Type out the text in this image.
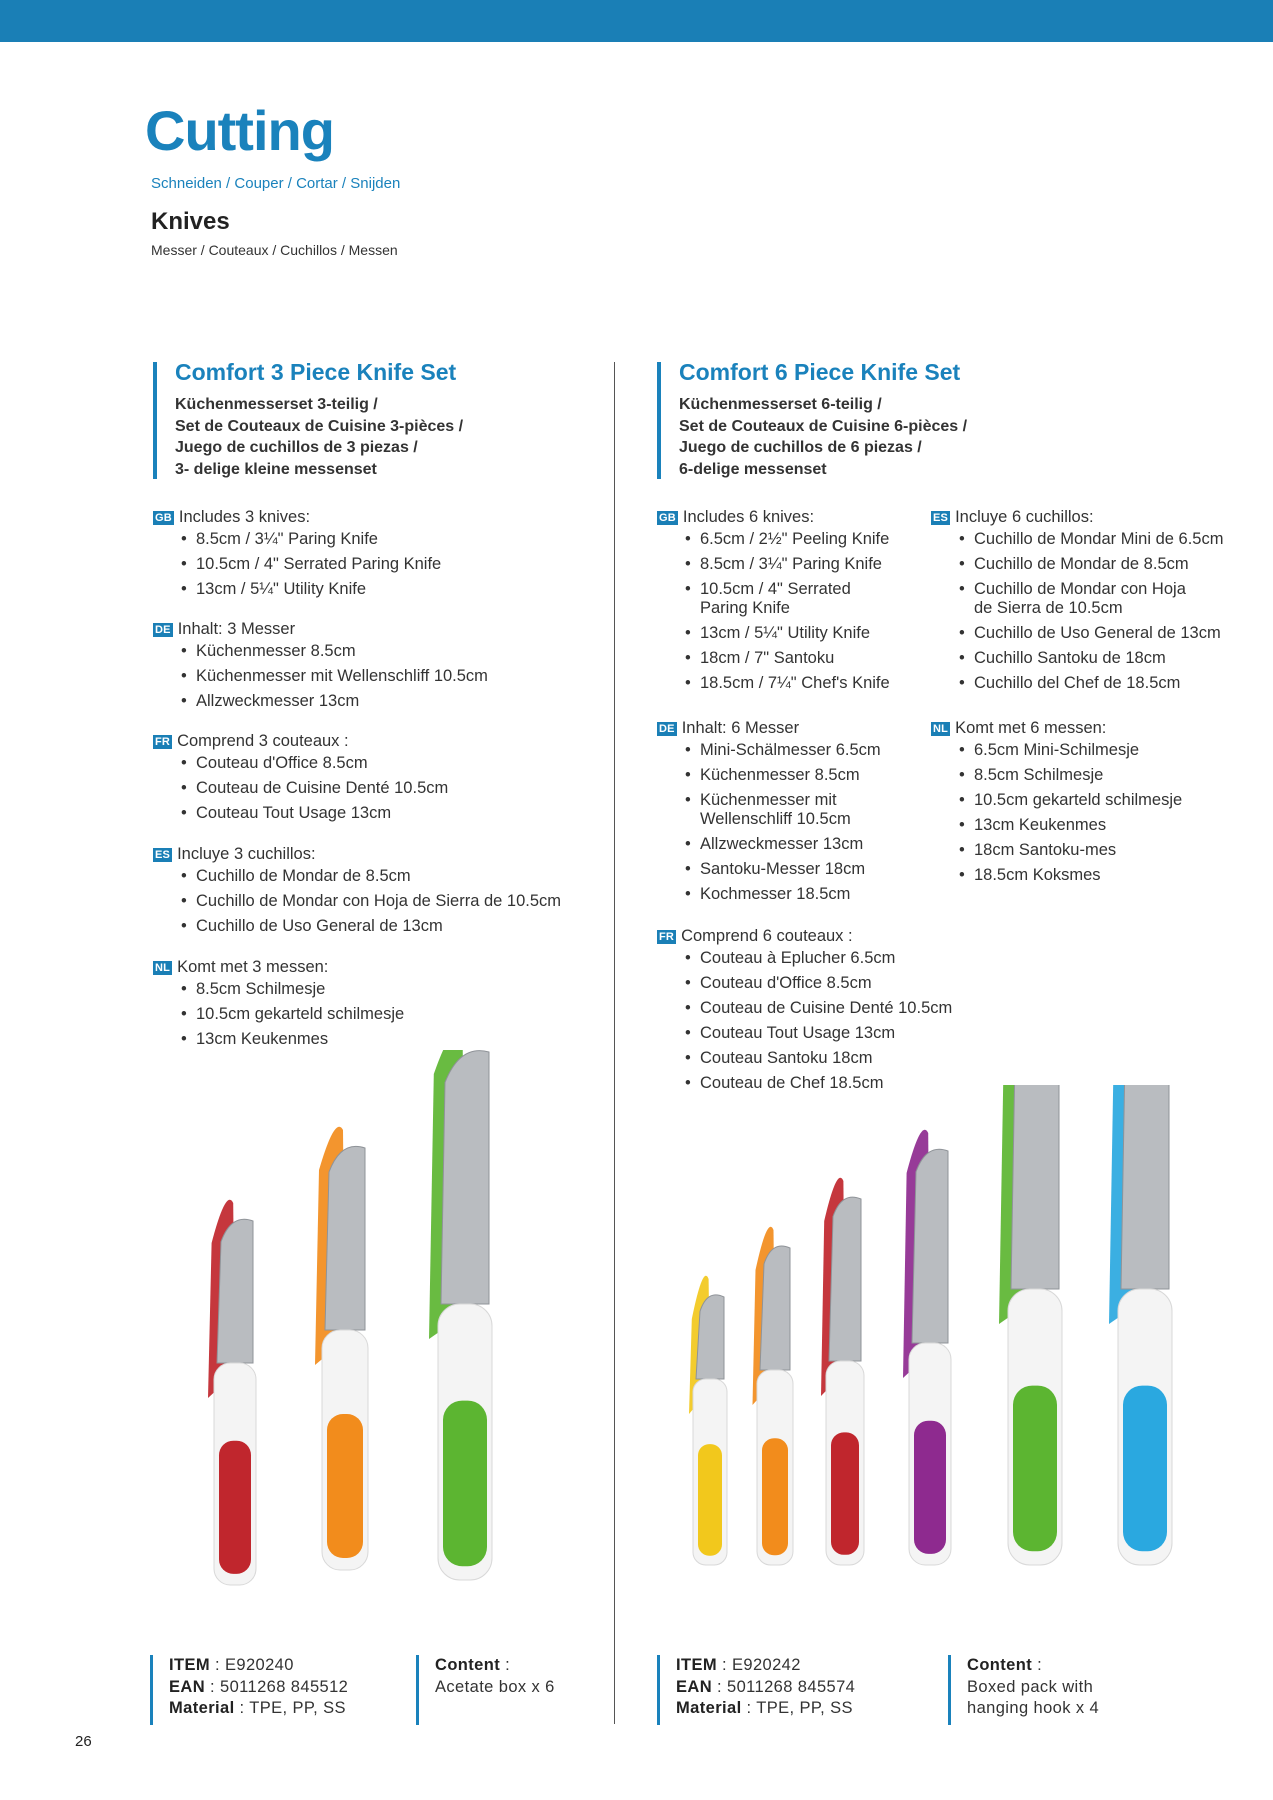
Cutting
Schneiden / Couper / Cortar / Snijden
Knives
Messer / Couteaux / Cuchillos / Messen
Comfort 3 Piece Knife Set
Küchenmesserset 3-teilig /
Set de Couteaux de Cuisine 3-pièces /
Juego de cuchillos de 3 piezas /
3- delige kleine messenset
Comfort 6 Piece Knife Set
Küchenmesserset 6-teilig /
Set de Couteaux de Cuisine 6-pièces /
Juego de cuchillos de 6 piezas /
6-delige messenset
GB Includes 3 knives:
• 8.5cm / 3¼" Paring Knife
• 10.5cm / 4" Serrated Paring Knife
• 13cm / 5¼" Utility Knife
DE Inhalt: 3 Messer
• Küchenmesser 8.5cm
• Küchenmesser mit Wellenschliff 10.5cm
• Allzweckmesser 13cm
FR Comprend 3 couteaux :
• Couteau d'Office 8.5cm
• Couteau de Cuisine Denté 10.5cm
• Couteau Tout Usage 13cm
ES Incluye 3 cuchillos:
• Cuchillo de Mondar de 8.5cm
• Cuchillo de Mondar con Hoja de Sierra de 10.5cm
• Cuchillo de Uso General de 13cm
NL Komt met 3 messen:
• 8.5cm Schilmesje
• 10.5cm gekarteld schilmesje
• 13cm Keukenmes
GB Includes 6 knives:
• 6.5cm / 2½" Peeling Knife
• 8.5cm / 3¼" Paring Knife
• 10.5cm / 4" Serrated
Paring Knife
• 13cm / 5¼" Utility Knife
• 18cm / 7" Santoku
• 18.5cm / 7¼" Chef's Knife
DE Inhalt: 6 Messer
• Mini-Schälmesser 6.5cm
• Küchenmesser 8.5cm
• Küchenmesser mit
Wellenschliff 10.5cm
• Allzweckmesser 13cm
• Santoku-Messer 18cm
• Kochmesser 18.5cm
FR Comprend 6 couteaux :
• Couteau à Eplucher 6.5cm
• Couteau d'Office 8.5cm
• Couteau de Cuisine Denté 10.5cm
• Couteau Tout Usage 13cm
• Couteau Santoku 18cm
• Couteau de Chef 18.5cm
ES Incluye 6 cuchillos:
• Cuchillo de Mondar Mini de 6.5cm
• Cuchillo de Mondar de 8.5cm
• Cuchillo de Mondar con Hoja
de Sierra de 10.5cm
• Cuchillo de Uso General de 13cm
• Cuchillo Santoku de 18cm
• Cuchillo del Chef de 18.5cm
NL Komt met 6 messen:
• 6.5cm Mini-Schilmesje
• 8.5cm Schilmesje
• 10.5cm gekarteld schilmesje
• 13cm Keukenmes
• 18cm Santoku-mes
• 18.5cm Koksmes
ITEM : E920240
EAN : 5011268 845512
Material : TPE, PP, SS
Content :
Acetate box x 6
ITEM : E920242
EAN : 5011268 845574
Material : TPE, PP, SS
Content :
Boxed pack with
hanging hook x 4
26
